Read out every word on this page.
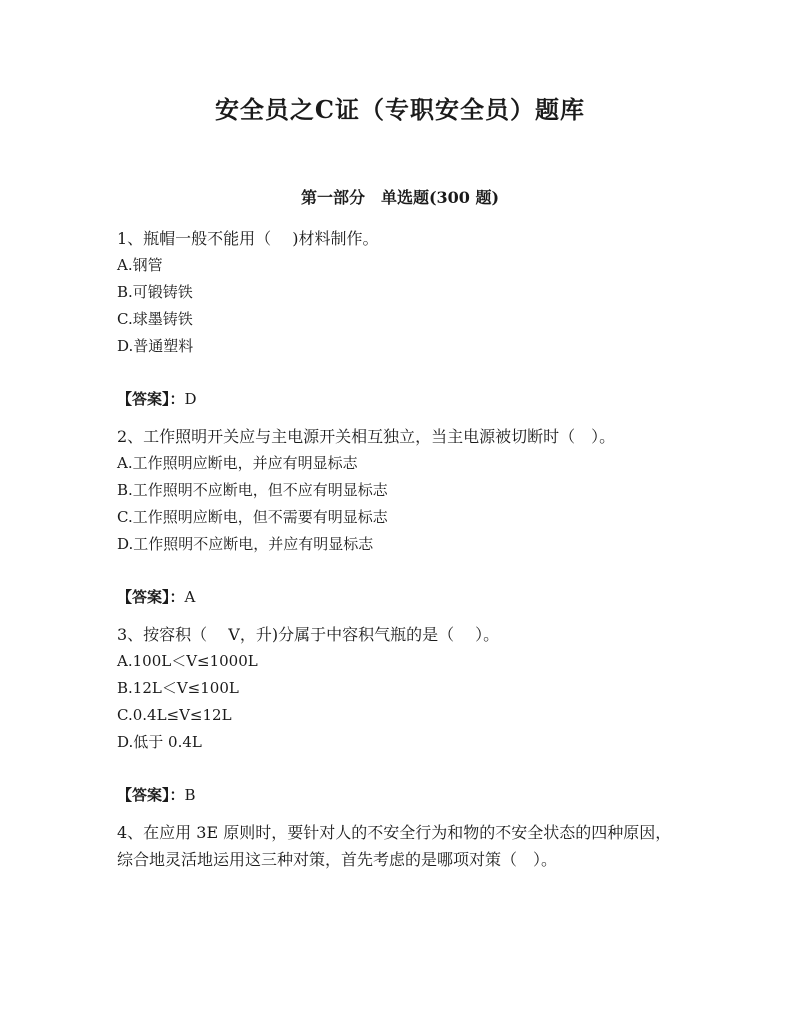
安全员之C证（专职安全员）题库
第一部分　单选题(300 题)

1、瓶帽一般不能用（　 )材料制作。

A.钢管

B.可锻铸铁

C.球墨铸铁

D.普通塑料

【答案】：D

2、工作照明开关应与主电源开关相互独立，当主电源被切断时（　）。

A.工作照明应断电，并应有明显标志

B.工作照明不应断电，但不应有明显标志

C.工作照明应断电，但不需要有明显标志

D.工作照明不应断电，并应有明显标志

【答案】：A

3、按容积（　 V，升)分属于中容积气瓶的是（　 ）。

A.100L＜V≤1000L

B.12L＜V≤100L

C.0.4L≤V≤12L

D.低于 0.4L

【答案】：B

4、在应用 3E 原则时，要针对人的不安全行为和物的不安全状态的四种原因，综合地灵活地运用这三种对策，首先考虑的是哪项对策（　）。
